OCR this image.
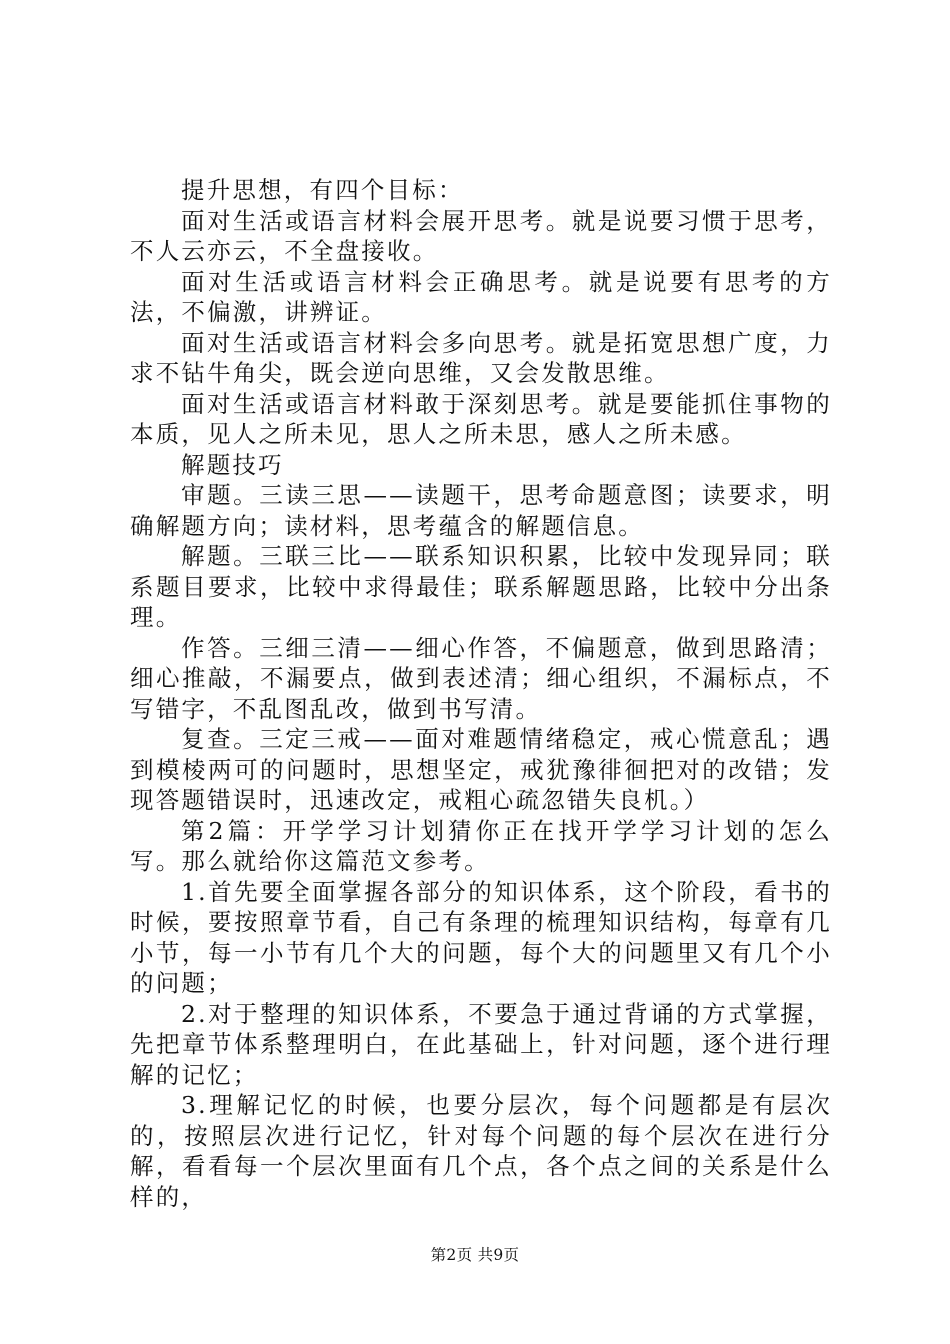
提升思想，有四个目标：

面对生活或语言材料会展开思考。就是说要习惯于思考，不人云亦云，不全盘接收。

面对生活或语言材料会正确思考。就是说要有思考的方法，不偏激，讲辨证。

面对生活或语言材料会多向思考。就是拓宽思想广度，力求不钻牛角尖，既会逆向思维，又会发散思维。

面对生活或语言材料敢于深刻思考。就是要能抓住事物的本质，见人之所未见，思人之所未思，感人之所未感。

解题技巧

审题。三读三思——读题干，思考命题意图；读要求，明确解题方向；读材料，思考蕴含的解题信息。

解题。三联三比——联系知识积累，比较中发现异同；联系题目要求，比较中求得最佳；联系解题思路，比较中分出条理。

作答。三细三清——细心作答，不偏题意，做到思路清；细心推敲，不漏要点，做到表述清；细心组织，不漏标点，不写错字，不乱图乱改，做到书写清。

复查。三定三戒——面对难题情绪稳定，戒心慌意乱；遇到模棱两可的问题时，思想坚定，戒犹豫徘徊把对的改错；发现答题错误时，迅速改定，戒粗心疏忽错失良机。）

第2篇：开学学习计划猜你正在找开学学习计划的怎么写。那么就给你这篇范文参考。

1.首先要全面掌握各部分的知识体系，这个阶段，看书的时候，要按照章节看，自己有条理的梳理知识结构，每章有几小节，每一小节有几个大的问题，每个大的问题里又有几个小的问题；

2.对于整理的知识体系，不要急于通过背诵的方式掌握，先把章节体系整理明白，在此基础上，针对问题，逐个进行理解的记忆；

3.理解记忆的时候，也要分层次，每个问题都是有层次的，按照层次进行记忆，针对每个问题的每个层次在进行分解，看看每一个层次里面有几个点，各个点之间的关系是什么样的，

第2页 共9页
